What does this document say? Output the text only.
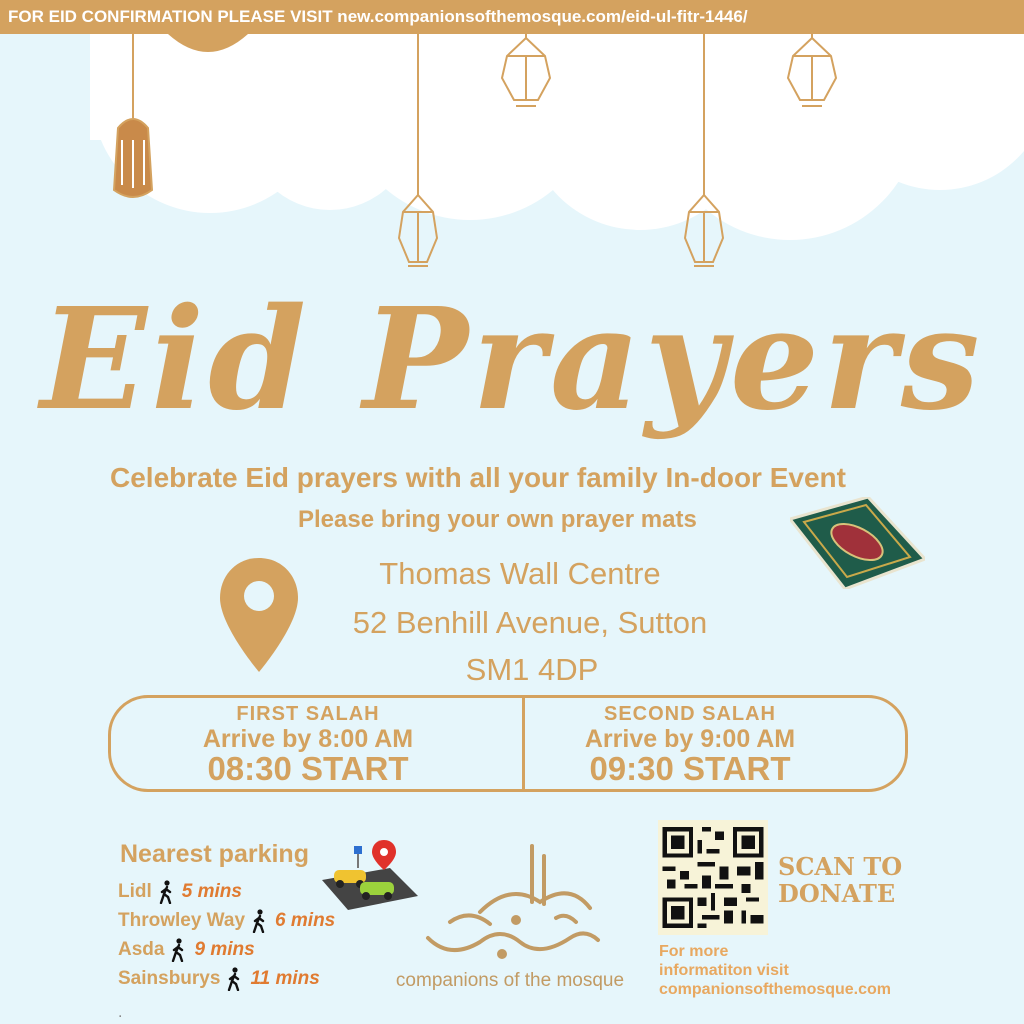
FOR EID CONFIRMATION PLEASE VISIT new.companionsofthemosque.com/eid-ul-fitr-1446/
Eid Prayers
Celebrate Eid prayers with all your family In-door Event
Please bring your own prayer mats
Thomas Wall Centre
52 Benhill Avenue, Sutton
SM1 4DP
FIRST SALAH
Arrive by 8:00 AM
08:30 START
SECOND SALAH
Arrive by 9:00 AM
09:30 START
Nearest parking
Lidl 5 mins
Throwley Way 6 mins
Asda 9 mins
Sainsburys 11 mins
.
companions of the mosque
SCAN TO
DONATE
For more
informatiton visit
companionsofthemosque.com
